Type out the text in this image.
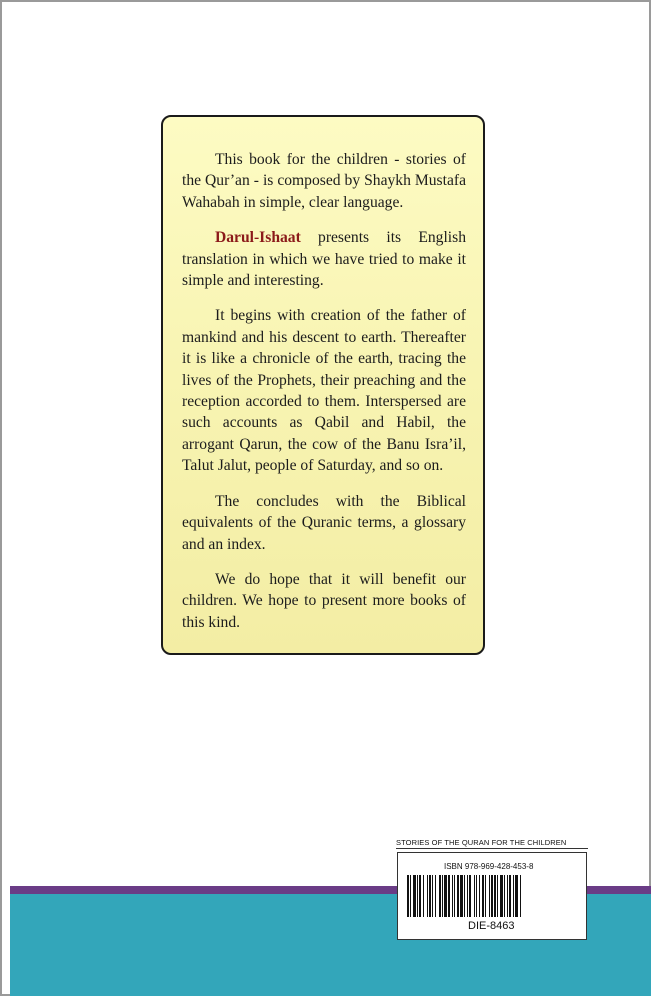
This book for the children - stories of the Qur’an - is composed by Shaykh Mustafa Wahabah in simple, clear language.

Darul-Ishaat presents its English translation in which we have tried to make it simple and interesting.

It begins with creation of the father of mankind and his descent to earth. Thereafter it is like a chronicle of the earth, tracing the lives of the Prophets, their preaching and the reception accorded to them. Interspersed are such accounts as Qabil and Habil, the arrogant Qarun, the cow of the Banu Isra’il, Talut Jalut, people of Saturday, and so on.

The concludes with the Biblical equivalents of the Quranic terms, a glossary and an index.

We do hope that it will benefit our children. We hope to present more books of this kind.

STORIES OF THE QURAN FOR THE CHILDREN
ISBN 978-969-428-453-8
DIE-8463
